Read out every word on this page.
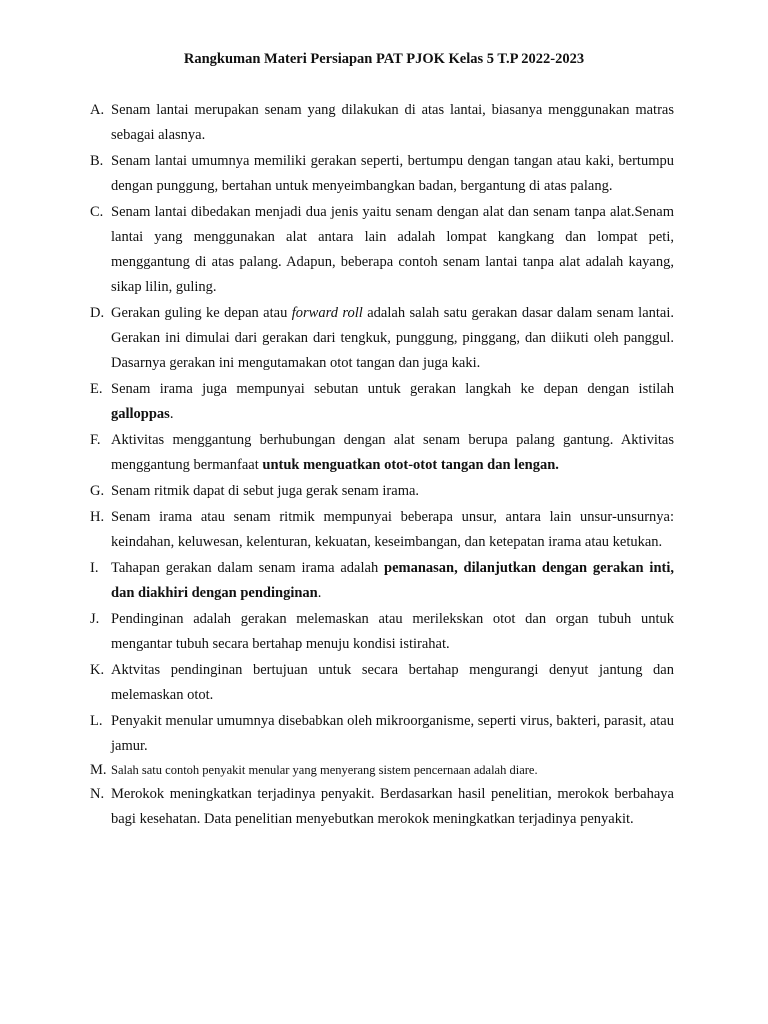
Rangkuman Materi Persiapan PAT PJOK Kelas 5 T.P 2022-2023
A. Senam lantai merupakan senam yang dilakukan di atas lantai, biasanya menggunakan matras sebagai alasnya.
B. Senam lantai umumnya memiliki gerakan seperti, bertumpu dengan tangan atau kaki, bertumpu dengan punggung, bertahan untuk menyeimbangkan badan, bergantung di atas palang.
C. Senam lantai dibedakan menjadi dua jenis yaitu senam dengan alat dan senam tanpa alat.Senam lantai yang menggunakan alat antara lain adalah lompat kangkang dan lompat peti, menggantung di atas palang. Adapun, beberapa contoh senam lantai tanpa alat adalah kayang, sikap lilin, guling.
D. Gerakan guling ke depan atau forward roll adalah salah satu gerakan dasar dalam senam lantai. Gerakan ini dimulai dari gerakan dari tengkuk, punggung, pinggang, dan diikuti oleh panggul. Dasarnya gerakan ini mengutamakan otot tangan dan juga kaki.
E. Senam irama juga mempunyai sebutan untuk gerakan langkah ke depan dengan istilah galloppas.
F. Aktivitas menggantung berhubungan dengan alat senam berupa palang gantung. Aktivitas menggantung bermanfaat untuk menguatkan otot-otot tangan dan lengan.
G. Senam ritmik dapat di sebut juga gerak senam irama.
H. Senam irama atau senam ritmik mempunyai beberapa unsur, antara lain unsur-unsurnya: keindahan, keluwesan, kelenturan, kekuatan, keseimbangan, dan ketepatan irama atau ketukan.
I. Tahapan gerakan dalam senam irama adalah pemanasan, dilanjutkan dengan gerakan inti, dan diakhiri dengan pendinginan.
J. Pendinginan adalah gerakan melemaskan atau merilekskan otot dan organ tubuh untuk mengantar tubuh secara bertahap menuju kondisi istirahat.
K. Aktvitas pendinginan bertujuan untuk secara bertahap mengurangi denyut jantung dan melemaskan otot.
L. Penyakit menular umumnya disebabkan oleh mikroorganisme, seperti virus, bakteri, parasit, atau jamur.
M. Salah satu contoh penyakit menular yang menyerang sistem pencernaan adalah diare.
N. Merokok meningkatkan terjadinya penyakit. Berdasarkan hasil penelitian, merokok berbahaya bagi kesehatan. Data penelitian menyebutkan merokok meningkatkan terjadinya penyakit.
